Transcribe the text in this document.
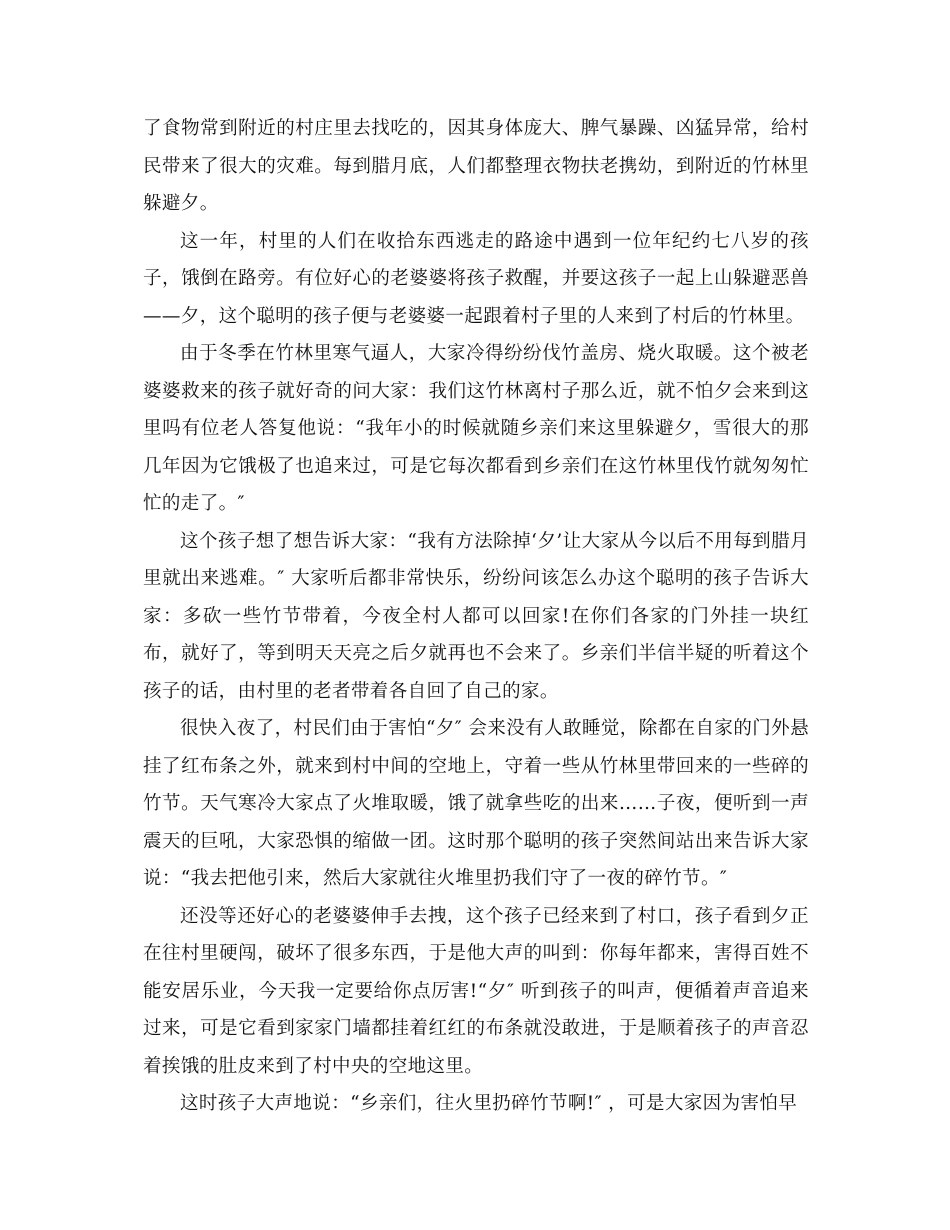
了食物常到附近的村庄里去找吃的，因其身体庞大、脾气暴躁、凶猛异常，给村民带来了很大的灾难。每到腊月底，人们都整理衣物扶老携幼，到附近的竹林里躲避夕。

这一年，村里的人们在收拾东西逃走的路途中遇到一位年纪约七八岁的孩子，饿倒在路旁。有位好心的老婆婆将孩子救醒，并要这孩子一起上山躲避恶兽——夕，这个聪明的孩子便与老婆婆一起跟着村子里的人来到了村后的竹林里。

由于冬季在竹林里寒气逼人，大家冷得纷纷伐竹盖房、烧火取暖。这个被老婆婆救来的孩子就好奇的问大家：我们这竹林离村子那么近，就不怕夕会来到这里吗有位老人答复他说：“我年小的时候就随乡亲们来这里躲避夕，雪很大的那几年因为它饿极了也追来过，可是它每次都看到乡亲们在这竹林里伐竹就匆匆忙忙的走了。″

这个孩子想了想告诉大家：“我有方法除掉‘夕’让大家从今以后不用每到腊月里就出来逃难。″ 大家听后都非常快乐，纷纷问该怎么办这个聪明的孩子告诉大家：多砍一些竹节带着，今夜全村人都可以回家!在你们各家的门外挂一块红布，就好了，等到明天天亮之后夕就再也不会来了。乡亲们半信半疑的听着这个孩子的话，由村里的老者带着各自回了自己的家。

很快入夜了，村民们由于害怕“夕″ 会来没有人敢睡觉，除都在自家的门外悬挂了红布条之外，就来到村中间的空地上，守着一些从竹林里带回来的一些碎的竹节。天气寒冷大家点了火堆取暖，饿了就拿些吃的出来……子夜，便听到一声震天的巨吼，大家恐惧的缩做一团。这时那个聪明的孩子突然间站出来告诉大家说：“我去把他引来，然后大家就往火堆里扔我们守了一夜的碎竹节。″

还没等还好心的老婆婆伸手去拽，这个孩子已经来到了村口，孩子看到夕正在往村里硬闯，破坏了很多东西，于是他大声的叫到：你每年都来，害得百姓不能安居乐业，今天我一定要给你点厉害!“夕″ 听到孩子的叫声，便循着声音追来过来，可是它看到家家门墙都挂着红红的布条就没敢进，于是顺着孩子的声音忍着挨饿的肚皮来到了村中央的空地这里。

这时孩子大声地说：“乡亲们，往火里扔碎竹节啊!″ ，可是大家因为害怕早
